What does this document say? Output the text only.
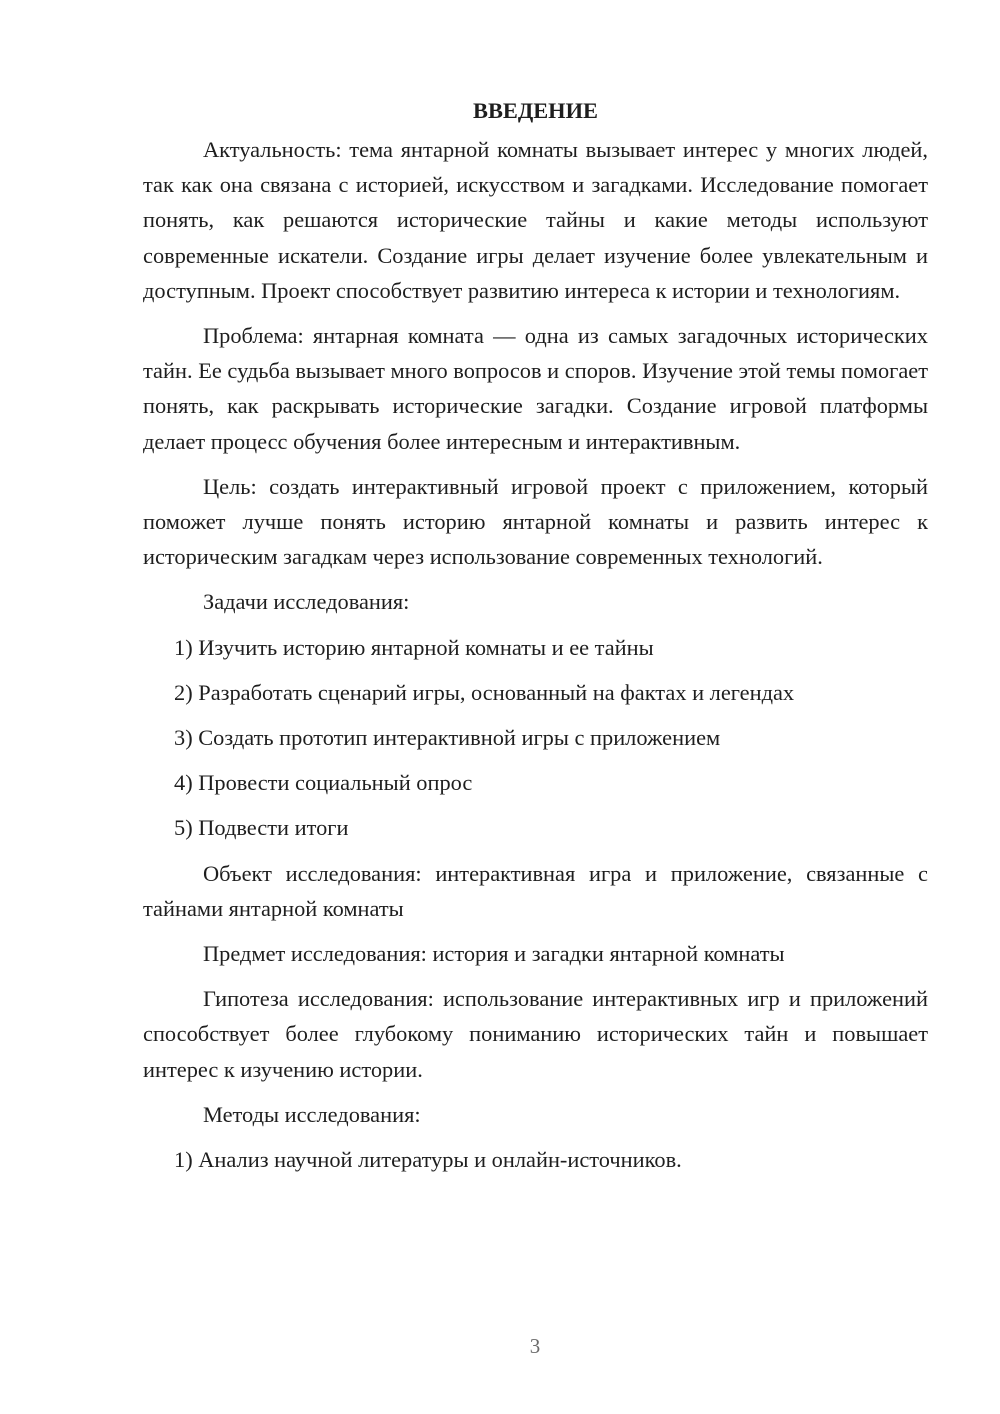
ВВЕДЕНИЕ
Актуальность: тема янтарной комнаты вызывает интерес у многих людей, так как она связана с историей, искусством и загадками. Исследование помогает понять, как решаются исторические тайны и какие методы используют современные искатели. Создание игры делает изучение более увлекательным и доступным. Проект способствует развитию интереса к истории и технологиям.
Проблема: янтарная комната — одна из самых загадочных исторических тайн. Ее судьба вызывает много вопросов и споров. Изучение этой темы помогает понять, как раскрывать исторические загадки. Создание игровой платформы делает процесс обучения более интересным и интерактивным.
Цель: создать интерактивный игровой проект с приложением, который поможет лучше понять историю янтарной комнаты и развить интерес к историческим загадкам через использование современных технологий.
Задачи исследования:
1) Изучить историю янтарной комнаты и ее тайны
2) Разработать сценарий игры, основанный на фактах и легендах
3) Создать прототип интерактивной игры с приложением
4) Провести социальный опрос
5) Подвести итоги
Объект исследования: интерактивная игра и приложение, связанные с тайнами янтарной комнаты
Предмет исследования: история и загадки янтарной комнаты
Гипотеза исследования: использование интерактивных игр и приложений способствует более глубокому пониманию исторических тайн и повышает интерес к изучению истории.
Методы исследования:
1) Анализ научной литературы и онлайн-источников.
3
